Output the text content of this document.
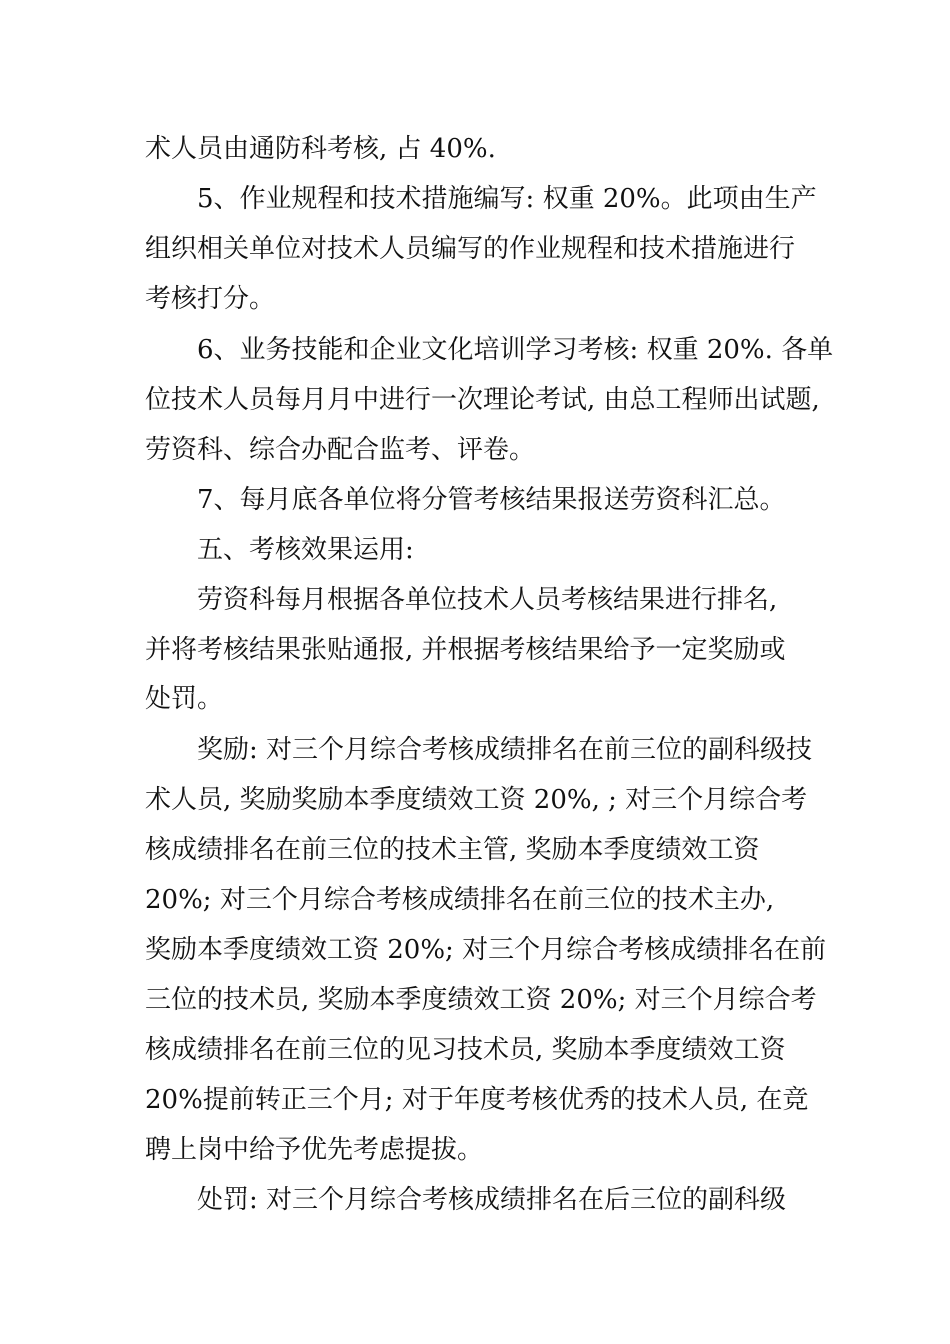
术人员由通防科考核, 占 40%.
5、作业规程和技术措施编写: 权重 20%。此项由生产
组织相关单位对技术人员编写的作业规程和技术措施进行
考核打分。
6、业务技能和企业文化培训学习考核: 权重 20%. 各单
位技术人员每月月中进行一次理论考试, 由总工程师出试题,
劳资科、综合办配合监考、评卷。
7、每月底各单位将分管考核结果报送劳资科汇总。
五、考核效果运用:
劳资科每月根据各单位技术人员考核结果进行排名,
并将考核结果张贴通报, 并根据考核结果给予一定奖励或
处罚。
奖励: 对三个月综合考核成绩排名在前三位的副科级技
术人员, 奖励奖励本季度绩效工资 20%, ; 对三个月综合考
核成绩排名在前三位的技术主管, 奖励本季度绩效工资
20%; 对三个月综合考核成绩排名在前三位的技术主办,
奖励本季度绩效工资 20%; 对三个月综合考核成绩排名在前
三位的技术员, 奖励本季度绩效工资 20%; 对三个月综合考
核成绩排名在前三位的见习技术员, 奖励本季度绩效工资
20%提前转正三个月; 对于年度考核优秀的技术人员, 在竞
聘上岗中给予优先考虑提拔。
处罚: 对三个月综合考核成绩排名在后三位的副科级
